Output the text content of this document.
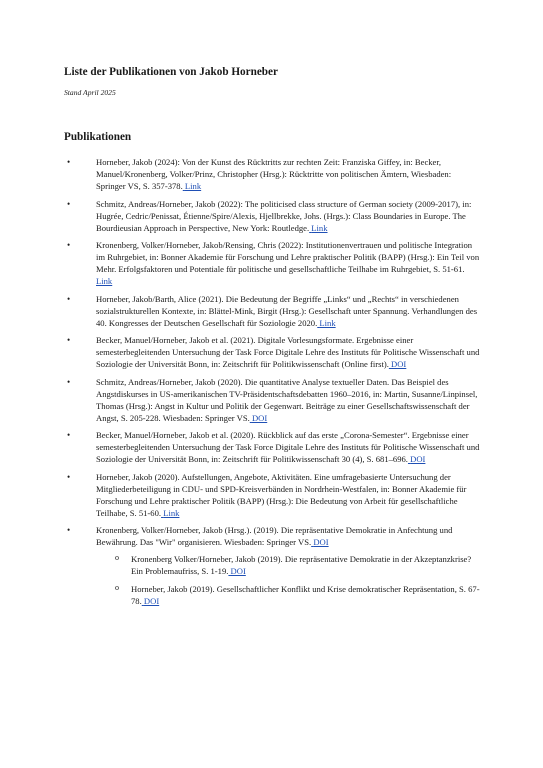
Liste der Publikationen von Jakob Horneber

Stand April 2025

Publikationen
• Horneber, Jakob (2024): Von der Kunst des Rücktritts zur rechten Zeit: Franziska Giffey, in: Becker, Manuel/Kronenberg, Volker/Prinz, Christopher (Hrsg.): Rücktritte von politischen Ämtern, Wiesbaden: Springer VS, S. 357-378. Link
• Schmitz, Andreas/Horneber, Jakob (2022): The politicised class structure of German society (2009-2017), in: Hugrée, Cedric/Penissat, Étienne/Spire/Alexis, Hjellbrekke, Johs. (Hrgs.): Class Boundaries in Europe. The Bourdieusian Approach in Perspective, New York: Routledge. Link
• Kronenberg, Volker/Horneber, Jakob/Rensing, Chris (2022): Institutionenvertrauen und politische Integration im Ruhrgebiet, in: Bonner Akademie für Forschung und Lehre praktischer Politik (BAPP) (Hrsg.): Ein Teil von Mehr. Erfolgsfaktoren und Potentiale für politische und gesellschaftliche Teilhabe im Ruhrgebiet, S. 51-61.Link
• Horneber, Jakob/Barth, Alice (2021). Die Bedeutung der Begriffe „Links“ und „Rechts“ in verschiedenen sozialstrukturellen Kontexte, in: Blättel-Mink, Birgit (Hrsg.): Gesellschaft unter Spannung. Verhandlungen des 40. Kongresses der Deutschen Gesellschaft für Soziologie 2020. Link
• Becker, Manuel/Horneber, Jakob et al. (2021). Digitale Vorlesungsformate. Ergebnisse einer semesterbegleitenden Untersuchung der Task Force Digitale Lehre des Instituts für Politische Wissenschaft und Soziologie der Universität Bonn, in: Zeitschrift für Politikwissenschaft (Online first). DOI
• Schmitz, Andreas/Horneber, Jakob (2020). Die quantitative Analyse textueller Daten. Das Beispiel des Angstdiskurses in US-amerikanischen TV-Präsidentschaftsdebatten 1960–2016, in: Martin, Susanne/Linpinsel, Thomas (Hrsg.): Angst in Kultur und Politik der Gegenwart. Beiträge zu einer Gesellschaftswissenschaft der Angst, S. 205-228. Wiesbaden: Springer VS. DOI
• Becker, Manuel/Horneber, Jakob et al. (2020). Rückblick auf das erste „Corona-Semester“. Ergebnisse einer semesterbegleitenden Untersuchung der Task Force Digitale Lehre des Instituts für Politische Wissenschaft und Soziologie der Universität Bonn, in: Zeitschrift für Politikwissenschaft 30 (4), S. 681–696. DOI
• Horneber, Jakob (2020). Aufstellungen, Angebote, Aktivitäten. Eine umfragebasierte Untersuchung der Mitgliederbeteiligung in CDU- und SPD-Kreisverbänden in Nordrhein-Westfalen, in: Bonner Akademie für Forschung und Lehre praktischer Politik (BAPP) (Hrsg.): Die Bedeutung von Arbeit für gesellschaftliche Teilhabe, S. 51-60. Link
• Kronenberg, Volker/Horneber, Jakob (Hrsg.). (2019). Die repräsentative Demokratie in Anfechtung und Bewährung. Das "Wir" organisieren. Wiesbaden: Springer VS. DOI
o Kronenberg Volker/Horneber, Jakob (2019). Die repräsentative Demokratie in der Akzeptanzkrise? Ein Problemaufriss, S. 1-19. DOI
o Horneber, Jakob (2019). Gesellschaftlicher Konflikt und Krise demokratischer Repräsentation, S. 67-78. DOI
